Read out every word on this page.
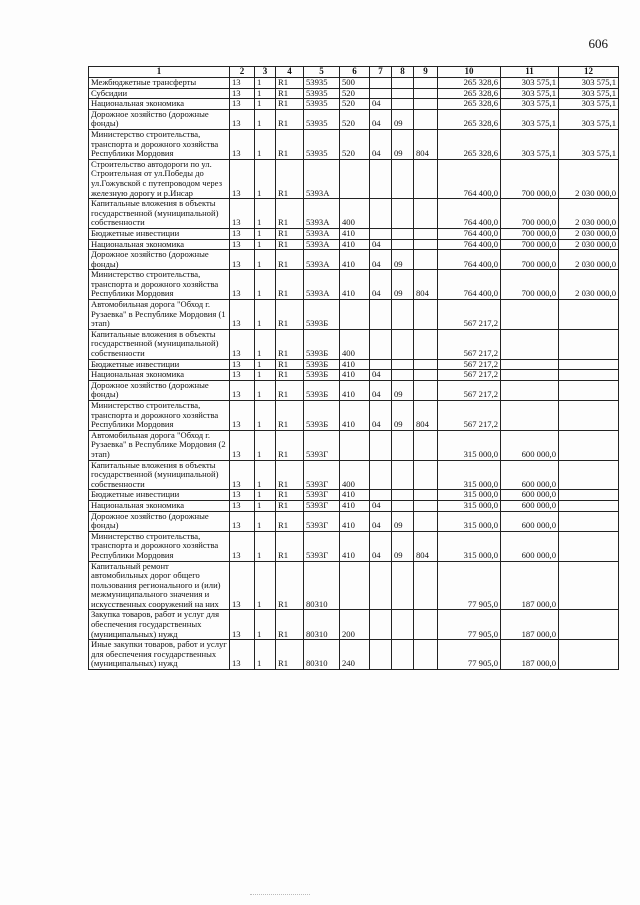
606
1	2	3	4	5	6	7	8	9	10	11	12
Межбюджетные трансферты	13	1	R1	53935	500				265 328,6	303 575,1	303 575,1
Субсидии	13	1	R1	53935	520				265 328,6	303 575,1	303 575,1
Национальная экономика	13	1	R1	53935	520	04			265 328,6	303 575,1	303 575,1
Дорожное хозяйство (дорожные фонды)	13	1	R1	53935	520	04	09		265 328,6	303 575,1	303 575,1
Министерство строительства, транспорта и дорожного хозяйства Республики Мордовия	13	1	R1	53935	520	04	09	804	265 328,6	303 575,1	303 575,1
Строительство автодороги по ул. Строительная от ул.Победы до ул.Гожувской с путепроводом через железную дорогу и р.Инсар	13	1	R1	5393А					764 400,0	700 000,0	2 030 000,0
Капитальные вложения в объекты государственной (муниципальной) собственности	13	1	R1	5393А	400				764 400,0	700 000,0	2 030 000,0
Бюджетные инвестиции	13	1	R1	5393А	410				764 400,0	700 000,0	2 030 000,0
Национальная экономика	13	1	R1	5393А	410	04			764 400,0	700 000,0	2 030 000,0
Дорожное хозяйство (дорожные фонды)	13	1	R1	5393А	410	04	09		764 400,0	700 000,0	2 030 000,0
Министерство строительства, транспорта и дорожного хозяйства Республики Мордовия	13	1	R1	5393А	410	04	09	804	764 400,0	700 000,0	2 030 000,0
Автомобильная дорога "Обход г. Рузаевка" в Республике Мордовия (1 этап)	13	1	R1	5393Б					567 217,2		
Капитальные вложения в объекты государственной (муниципальной) собственности	13	1	R1	5393Б	400				567 217,2		
Бюджетные инвестиции	13	1	R1	5393Б	410				567 217,2		
Национальная экономика	13	1	R1	5393Б	410	04			567 217,2		
Дорожное хозяйство (дорожные фонды)	13	1	R1	5393Б	410	04	09		567 217,2		
Министерство строительства, транспорта и дорожного хозяйства Республики Мордовия	13	1	R1	5393Б	410	04	09	804	567 217,2		
Автомобильная дорога "Обход г. Рузаевка" в Республике Мордовия (2 этап)	13	1	R1	5393Г					315 000,0	600 000,0	
Капитальные вложения в объекты государственной (муниципальной) собственности	13	1	R1	5393Г	400				315 000,0	600 000,0	
Бюджетные инвестиции	13	1	R1	5393Г	410				315 000,0	600 000,0	
Национальная экономика	13	1	R1	5393Г	410	04			315 000,0	600 000,0	
Дорожное хозяйство (дорожные фонды)	13	1	R1	5393Г	410	04	09		315 000,0	600 000,0	
Министерство строительства, транспорта и дорожного хозяйства Республики Мордовия	13	1	R1	5393Г	410	04	09	804	315 000,0	600 000,0	
Капитальный ремонт автомобильных дорог общего пользования регионального и (или) межмуниципального значения и искусственных сооружений на них	13	1	R1	80310					77 905,0	187 000,0	
Закупка товаров, работ и услуг для обеспечения государственных (муниципальных) нужд	13	1	R1	80310	200				77 905,0	187 000,0	
Иные закупки товаров, работ и услуг для обеспечения государственных (муниципальных) нужд	13	1	R1	80310	240				77 905,0	187 000,0	
